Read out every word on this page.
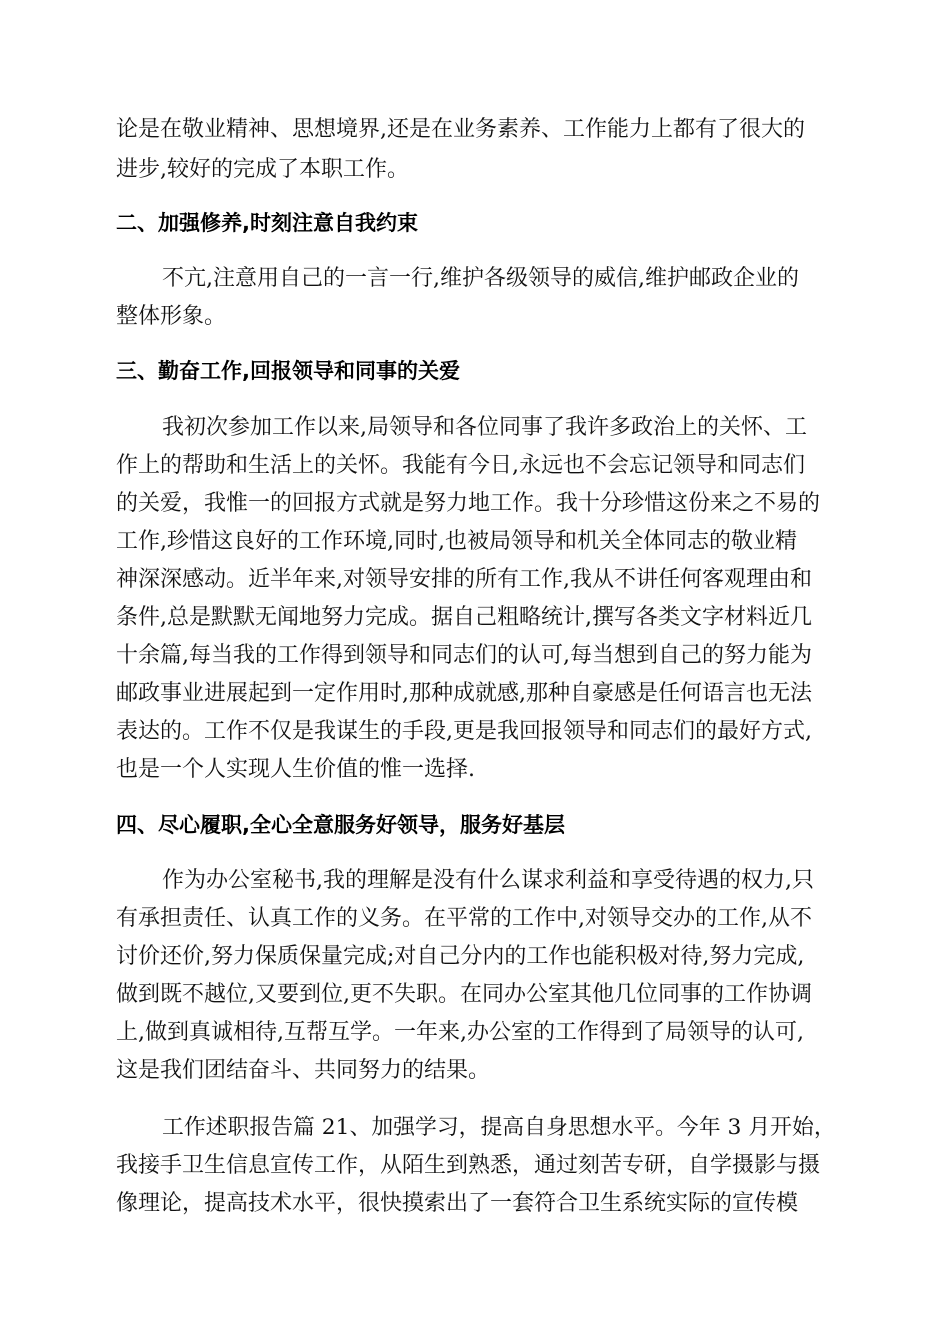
论是在敬业精神、思想境界,还是在业务素养、工作能力上都有了很大的
进步,较好的完成了本职工作。
二、加强修养,时刻注意自我约束
不亢,注意用自己的一言一行,维护各级领导的威信,维护邮政企业的
整体形象。
三、勤奋工作,回报领导和同事的关爱
我初次参加工作以来,局领导和各位同事了我许多政治上的关怀、工
作上的帮助和生活上的关怀。我能有今日,永远也不会忘记领导和同志们
的关爱，我惟一的回报方式就是努力地工作。我十分珍惜这份来之不易的
工作,珍惜这良好的工作环境,同时,也被局领导和机关全体同志的敬业精
神深深感动。近半年来,对领导安排的所有工作,我从不讲任何客观理由和
条件,总是默默无闻地努力完成。据自己粗略统计,撰写各类文字材料近几
十余篇,每当我的工作得到领导和同志们的认可,每当想到自己的努力能为
邮政事业进展起到一定作用时,那种成就感,那种自豪感是任何语言也无法
表达的。工作不仅是我谋生的手段,更是我回报领导和同志们的最好方式,
也是一个人实现人生价值的惟一选择.
四、尽心履职,全心全意服务好领导，服务好基层
作为办公室秘书,我的理解是没有什么谋求利益和享受待遇的权力,只
有承担责任、认真工作的义务。在平常的工作中,对领导交办的工作,从不
讨价还价,努力保质保量完成;对自己分内的工作也能积极对待,努力完成,
做到既不越位,又要到位,更不失职。在同办公室其他几位同事的工作协调
上,做到真诚相待,互帮互学。一年来,办公室的工作得到了局领导的认可,
这是我们团结奋斗、共同努力的结果。
工作述职报告篇 21、加强学习，提高自身思想水平。今年 3 月开始，
我接手卫生信息宣传工作，从陌生到熟悉，通过刻苦专研，自学摄影与摄
像理论，提高技术水平，很快摸索出了一套符合卫生系统实际的宣传模
